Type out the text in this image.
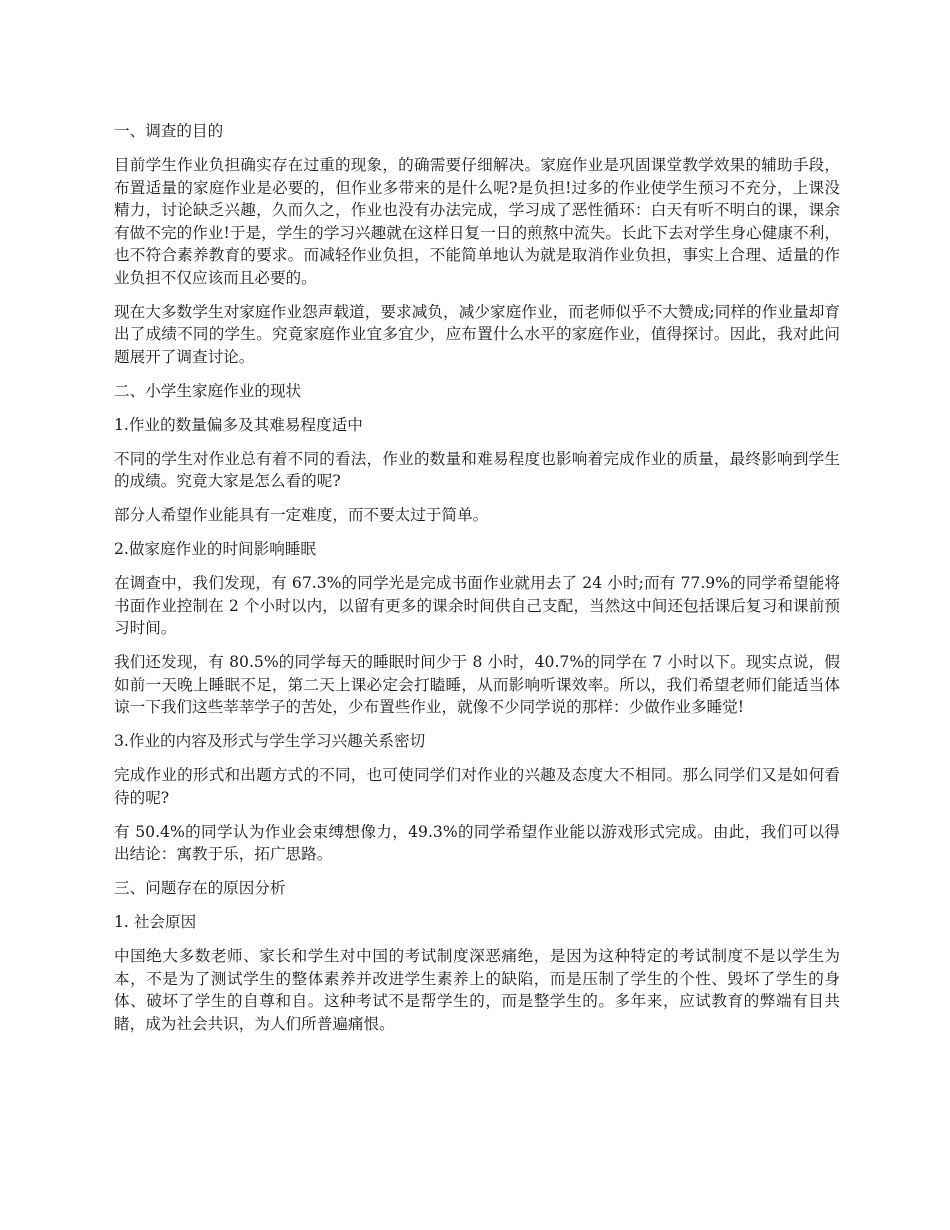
一、调查的目的

目前学生作业负担确实存在过重的现象，的确需要仔细解决。家庭作业是巩固课堂教学效果的辅助手段，布置适量的家庭作业是必要的，但作业多带来的是什么呢?是负担!过多的作业使学生预习不充分，上课没精力，讨论缺乏兴趣，久而久之，作业也没有办法完成，学习成了恶性循环：白天有听不明白的课，课余有做不完的作业!于是，学生的学习兴趣就在这样日复一日的煎熬中流失。长此下去对学生身心健康不利，也不符合素养教育的要求。而减轻作业负担，不能简单地认为就是取消作业负担，事实上合理、适量的作业负担不仅应该而且必要的。

现在大多数学生对家庭作业怨声载道，要求减负，减少家庭作业，而老师似乎不大赞成;同样的作业量却育出了成绩不同的学生。究竟家庭作业宜多宜少，应布置什么水平的家庭作业，值得探讨。因此，我对此问题展开了调查讨论。

二、小学生家庭作业的现状

1.作业的数量偏多及其难易程度适中

不同的学生对作业总有着不同的看法，作业的数量和难易程度也影响着完成作业的质量，最终影响到学生的成绩。究竟大家是怎么看的呢?

部分人希望作业能具有一定难度，而不要太过于简单。

2.做家庭作业的时间影响睡眠

在调查中，我们发现，有 67.3%的同学光是完成书面作业就用去了 24 小时;而有 77.9%的同学希望能将书面作业控制在 2 个小时以内，以留有更多的课余时间供自己支配，当然这中间还包括课后复习和课前预习时间。

我们还发现，有 80.5%的同学每天的睡眠时间少于 8 小时，40.7%的同学在 7 小时以下。现实点说，假如前一天晚上睡眠不足，第二天上课必定会打瞌睡，从而影响听课效率。所以，我们希望老师们能适当体谅一下我们这些莘莘学子的苦处，少布置些作业，就像不少同学说的那样：少做作业多睡觉!

3.作业的内容及形式与学生学习兴趣关系密切

完成作业的形式和出题方式的不同，也可使同学们对作业的兴趣及态度大不相同。那么同学们又是如何看待的呢?

有 50.4%的同学认为作业会束缚想像力，49.3%的同学希望作业能以游戏形式完成。由此，我们可以得出结论：寓教于乐，拓广思路。

三、问题存在的原因分析

1. 社会原因

中国绝大多数老师、家长和学生对中国的考试制度深恶痛绝，是因为这种特定的考试制度不是以学生为本，不是为了测试学生的整体素养并改进学生素养上的缺陷，而是压制了学生的个性、毁坏了学生的身体、破坏了学生的自尊和自。这种考试不是帮学生的，而是整学生的。多年来，应试教育的弊端有目共睹，成为社会共识，为人们所普遍痛恨。
